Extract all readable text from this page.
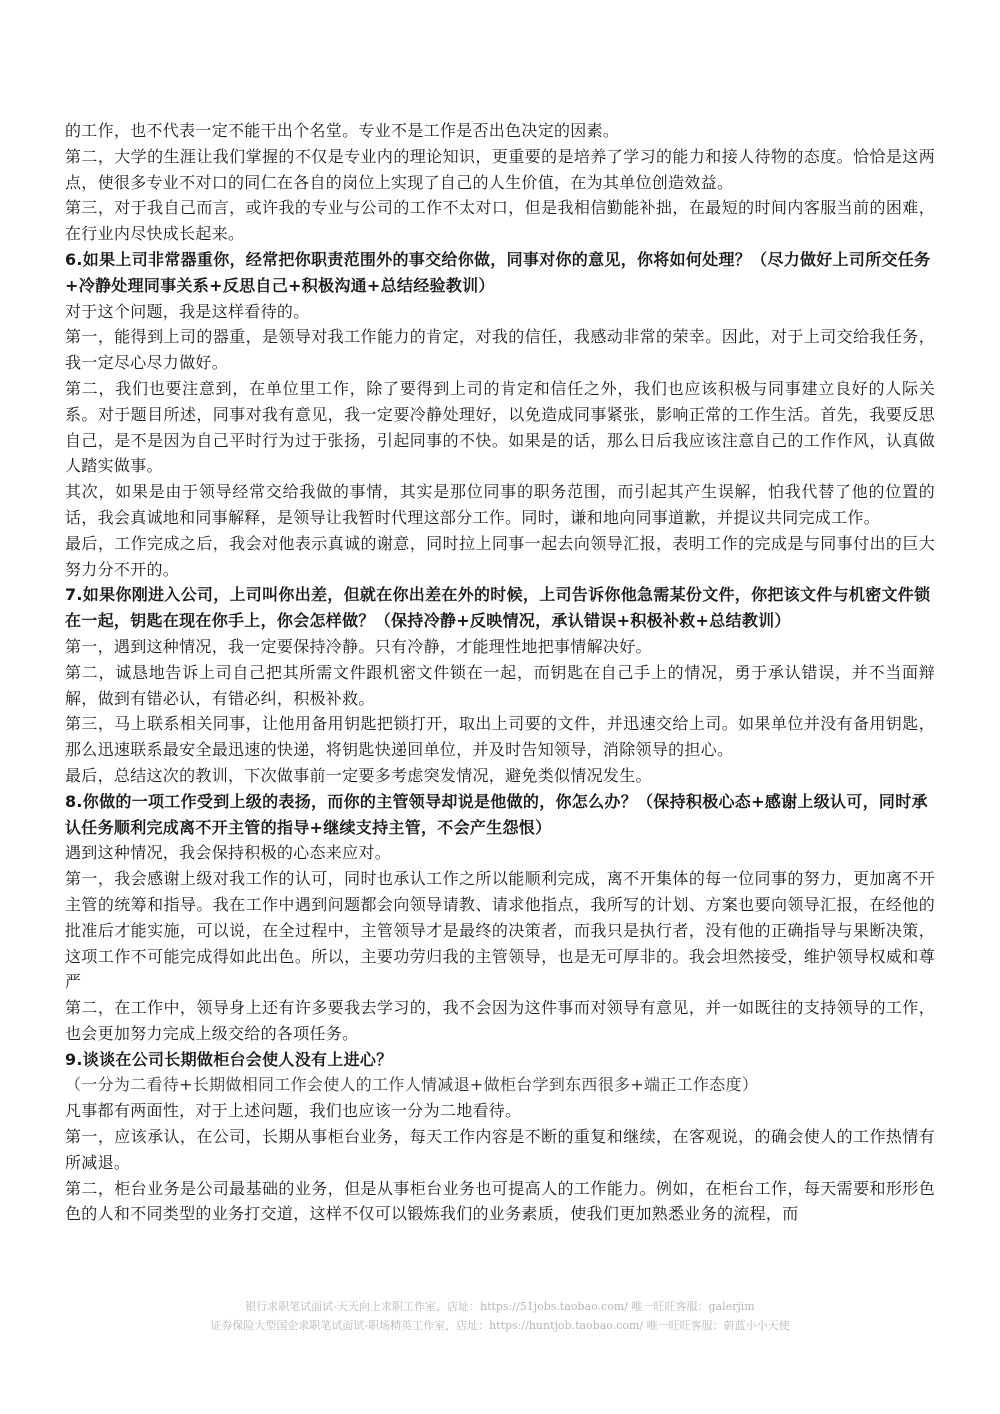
的工作，也不代表一定不能干出个名堂。专业不是工作是否出色决定的因素。

第二，大学的生涯让我们掌握的不仅是专业内的理论知识，更重要的是培养了学习的能力和接人待物的态度。恰恰是这两点，使很多专业不对口的同仁在各自的岗位上实现了自己的人生价值，在为其单位创造效益。

第三，对于我自己而言，或许我的专业与公司的工作不太对口，但是我相信勤能补拙，在最短的时间内客服当前的困难，在行业内尽快成长起来。

6.如果上司非常器重你，经常把你职责范围外的事交给你做，同事对你的意见，你将如何处理？（尽力做好上司所交任务+冷静处理同事关系+反思自己+积极沟通+总结经验教训）

对于这个问题，我是这样看待的。

第一，能得到上司的器重，是领导对我工作能力的肯定，对我的信任，我感动非常的荣幸。因此，对于上司交给我任务，我一定尽心尽力做好。

第二，我们也要注意到，在单位里工作，除了要得到上司的肯定和信任之外，我们也应该积极与同事建立良好的人际关系。对于题目所述，同事对我有意见，我一定要冷静处理好，以免造成同事紧张，影响正常的工作生活。首先，我要反思自己，是不是因为自己平时行为过于张扬，引起同事的不快。如果是的话，那么日后我应该注意自己的工作作风，认真做人踏实做事。

其次，如果是由于领导经常交给我做的事情，其实是那位同事的职务范围，而引起其产生误解，怕我代替了他的位置的话，我会真诚地和同事解释，是领导让我暂时代理这部分工作。同时，谦和地向同事道歉，并提议共同完成工作。

最后，工作完成之后，我会对他表示真诚的谢意，同时拉上同事一起去向领导汇报，表明工作的完成是与同事付出的巨大努力分不开的。

7.如果你刚进入公司，上司叫你出差，但就在你出差在外的时候，上司告诉你他急需某份文件，你把该文件与机密文件锁在一起，钥匙在现在你手上，你会怎样做？（保持冷静+反映情况，承认错误+积极补救+总结教训）

第一，遇到这种情况，我一定要保持冷静。只有冷静，才能理性地把事情解决好。

第二，诚恳地告诉上司自己把其所需文件跟机密文件锁在一起，而钥匙在自己手上的情况，勇于承认错误，并不当面辩解，做到有错必认，有错必纠，积极补救。

第三，马上联系相关同事，让他用备用钥匙把锁打开，取出上司要的文件，并迅速交给上司。如果单位并没有备用钥匙，那么迅速联系最安全最迅速的快递，将钥匙快递回单位，并及时告知领导，消除领导的担心。

最后，总结这次的教训，下次做事前一定要多考虑突发情况，避免类似情况发生。

8.你做的一项工作受到上级的表扬，而你的主管领导却说是他做的，你怎么办？（保持积极心态+感谢上级认可，同时承认任务顺利完成离不开主管的指导+继续支持主管，不会产生怨恨）

遇到这种情况，我会保持积极的心态来应对。

第一，我会感谢上级对我工作的认可，同时也承认工作之所以能顺利完成，离不开集体的每一位同事的努力，更加离不开主管的统筹和指导。我在工作中遇到问题都会向领导请教、请求他指点，我所写的计划、方案也要向领导汇报，在经他的批准后才能实施，可以说，在全过程中，主管领导才是最终的决策者，而我只是执行者，没有他的正确指导与果断决策，这项工作不可能完成得如此出色。所以，主要功劳归我的主管领导，也是无可厚非的。我会坦然接受，维护领导权威和尊严

第二，在工作中，领导身上还有许多要我去学习的，我不会因为这件事而对领导有意见，并一如既往的支持领导的工作，也会更加努力完成上级交给的各项任务。

9.谈谈在公司长期做柜台会使人没有上进心？

（一分为二看待+长期做相同工作会使人的工作人情减退+做柜台学到东西很多+端正工作态度）

凡事都有两面性，对于上述问题，我们也应该一分为二地看待。

第一，应该承认，在公司，长期从事柜台业务，每天工作内容是不断的重复和继续，在客观说，的确会使人的工作热情有所减退。

第二，柜台业务是公司最基础的业务，但是从事柜台业务也可提高人的工作能力。例如，在柜台工作，每天需要和形形色色的人和不同类型的业务打交道，这样不仅可以锻炼我们的业务素质，使我们更加熟悉业务的流程，而

银行求职笔试面试-天天向上求职工作室，店址：https://51jobs.taobao.com/ 唯一旺旺客服：galerjim
证券保险大型国企求职笔试面试-职场精英工作室，店址：https://huntjob.taobao.com/ 唯一旺旺客服：蔚蓝小小天使
